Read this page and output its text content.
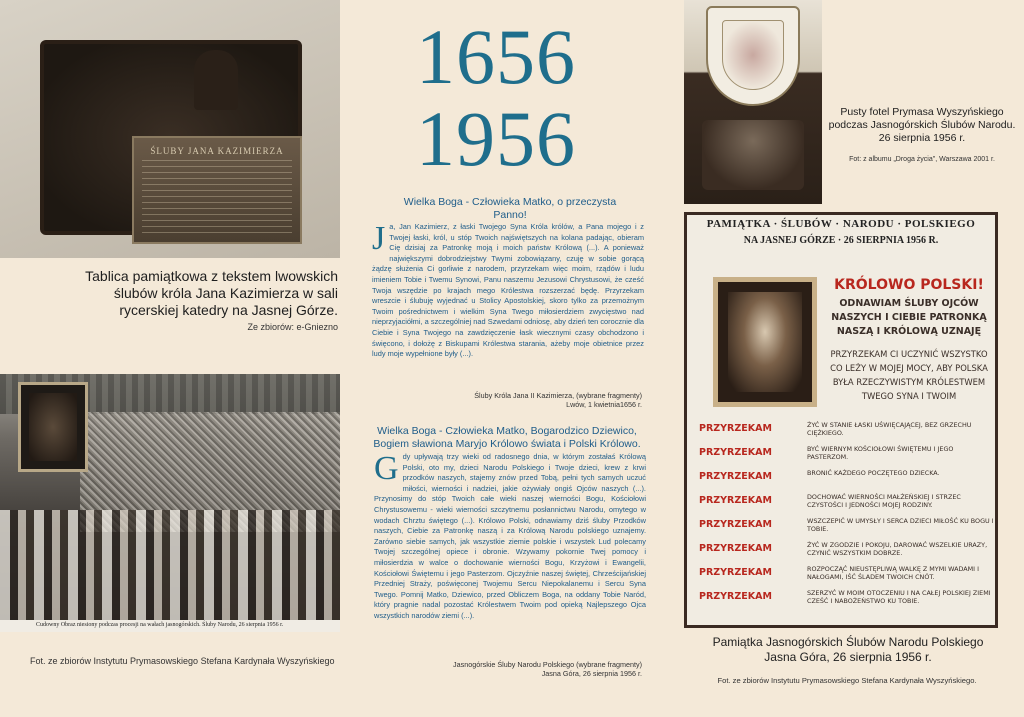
ŚLUBY JANA KAZIMIERZA
Tablica pamiątkowa z tekstem lwowskich ślubów króla Jana Kazimierza w sali rycerskiej katedry na Jasnej Górze.
Ze zbiorów: e-Gniezno
Cudowny Obraz niesiony podczas procesji na wałach jasnogórskich. Śluby Narodu, 26 sierpnia 1956 r.
Fot. ze zbiorów Instytutu Prymasowskiego Stefana Kardynała Wyszyńskiego
1656
1956
Wielka Boga - Człowieka Matko, o przeczysta Panno!
Ja, Jan Kazimierz, z łaski Twojego Syna Króla królów, a Pana mojego i z Twojej łaski, król, u stóp Twoich najświętszych na kolana padając, obieram Cię dzisiaj za Patronkę moją i moich państw Królową (...). A ponieważ największymi dobrodziejstwy Twymi zobowiązany, czuję w sobie gorącą żądzę służenia Ci gorliwie z narodem, przyrzekam więc moim, rządów i ludu imieniem Tobie i Twemu Synowi, Panu naszemu Jezusowi Chrystusowi, że cześć Twoja wszędzie po krajach mego Królestwa rozszerzać będę. Przyrzekam wreszcie i ślubuję wyjednać u Stolicy Apostolskiej, skoro tylko za przemożnym Twoim pośrednictwem i wielkim Syna Twego miłosierdziem zwycięstwo nad nieprzyjaciółmi, a szczególniej nad Szwedami odniosę, aby dzień ten corocznie dla Ciebie i Syna Twojego na zawdzięczenie łask wiecznymi czasy obchodzono i święcono, i dołożę z Biskupami Królestwa starania, ażeby moje obietnice przez ludy moje wypełnione były (...).
Śluby Króla Jana II Kazimierza, (wybrane fragmenty)
Lwów, 1 kwietnia1656 r.
Wielka Boga - Człowieka Matko, Bogarodzico Dziewico, Bogiem sławiona Maryjo Królowo świata i Polski Królowo.
Gdy upływają trzy wieki od radosnego dnia, w którym zostałaś Królową Polski, oto my, dzieci Narodu Polskiego i Twoje dzieci, krew z krwi przodków naszych, stajemy znów przed Tobą, pełni tych samych uczuć miłości, wierności i nadziei, jakie ożywiały ongiś Ojców naszych (...). Przynosimy do stóp Twoich całe wieki naszej wierności Bogu, Kościołowi Chrystusowemu - wieki wierności szczytnemu posłannictwu Narodu, omytego w wodach Chrztu świętego (...). Królowo Polski, odnawiamy dziś śluby Przodków naszych, Ciebie za Patronkę naszą i za Królową Narodu polskiego uznajemy. Zarówno siebie samych, jak wszystkie ziemie polskie i wszystek Lud polecamy Twojej szczególnej opiece i obronie. Wzywamy pokornie Twej pomocy i miłosierdzia w walce o dochowanie wierności Bogu, Krzyżowi i Ewangelii, Kościołowi Świętemu i jego Pasterzom. Ojczyźnie naszej świętej, Chrześcijańskiej Przedniej Straży, poświęconej Twojemu Sercu Niepokalanemu i Sercu Syna Twego. Pomnij Matko, Dziewico, przed Obliczem Boga, na oddany Tobie Naród, który pragnie nadal pozostać Królestwem Twoim pod opieką Najlepszego Ojca wszystkich narodów ziemi (...).
Jasnogórskie Śluby Narodu Polskiego (wybrane fragmenty)
Jasna Góra, 26 sierpnia 1956 r.
Pusty fotel Prymasa Wyszyńskiego podczas Jasnogórskich Ślubów Narodu. 26 sierpnia 1956 r.
Fot: z albumu „Droga życia", Warszawa 2001 r.
PAMIĄTKA · ŚLUBÓW · NARODU · POLSKIEGO
NA JASNEJ GÓRZE · 26 SIERPNIA 1956 R.
KRÓLOWO POLSKI!
ODNAWIAM ŚLUBY OJCÓW NASZYCH I CIEBIE PATRONKĄ NASZĄ I KRÓLOWĄ UZNAJĘ
PRZYRZEKAM CI UCZYNIĆ WSZYSTKO CO LEŻY W MOJEJ MOCY, ABY POLSKA BYŁA RZECZYWISTYM KRÓLESTWEM TWEGO SYNA I TWOIM
PRZYRZEKAM	ŻYĆ W STANIE ŁASKI UŚWIĘCAJĄCEJ, BEZ GRZECHU CIĘŻKIEGO.
PRZYRZEKAM	BYĆ WIERNYM KOŚCIOŁOWI ŚWIĘTEMU I JEGO PASTERZOM.
PRZYRZEKAM	BRONIĆ KAŻDEGO POCZĘTEGO DZIECKA.
PRZYRZEKAM	DOCHOWAĆ WIERNOŚCI MAŁŻEŃSKIEJ I STRZEC CZYSTOŚCI I JEDNOŚCI MOJEJ RODZINY.
PRZYRZEKAM	WSZCZEPIĆ W UMYSŁY I SERCA DZIECI MIŁOŚĆ KU BOGU I TOBIE.
PRZYRZEKAM	ŻYĆ W ZGODZIE I POKOJU, DAROWAĆ WSZELKIE URAZY, CZYNIĆ WSZYSTKIM DOBRZE.
PRZYRZEKAM	ROZPOCZĄĆ NIEUSTĘPLIWĄ WALKĘ Z MYMI WADAMI I NAŁOGAMI, IŚĆ ŚLADEM TWOICH CNÓT.
PRZYRZEKAM	SZERZYĆ W MOIM OTOCZENIU I NA CAŁEJ POLSKIEJ ZIEMI CZEŚĆ I NABOŻEŃSTWO KU TOBIE.
Pamiątka Jasnogórskich Ślubów Narodu Polskiego
Jasna Góra, 26 sierpnia 1956 r.
Fot. ze zbiorów Instytutu Prymasowskiego Stefana Kardynała Wyszyńskiego.
